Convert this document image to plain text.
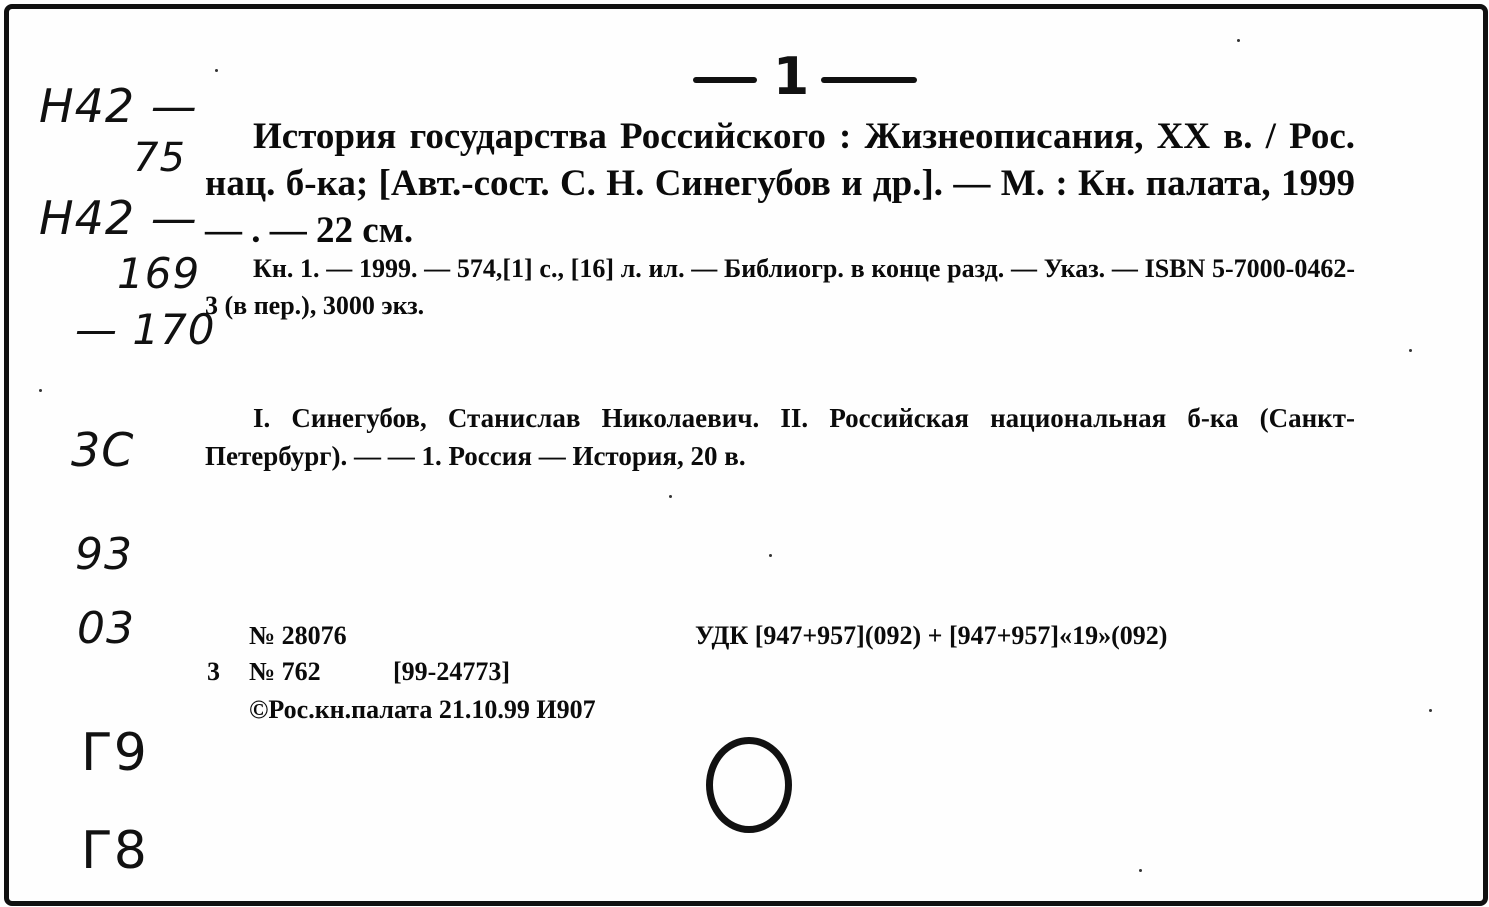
1
Н42 —
75
Н42 —
169
— 170
3С
93
03
Г9
Г8
История государства Российского : Жизнеописания, XX в. / Рос. нац. б-ка; [Авт.-сост. С. Н. Синегубов и др.]. — М. : Кн. палата, 1999 — . — 22 см.
Кн. 1. — 1999. — 574,[1] с., [16] л. ил. — Библиогр. в конце разд. — Указ. — ISBN 5-7000-0462-3 (в пер.), 3000 экз.
I. Синегубов, Станислав Николаевич. II. Российская национальная б-ка (Санкт-Петербург). — — 1. Россия — История, 20 в.
№ 28076	УДК [947+957](092) + [947+957]«19»(092)
3 № 762	[99-24773]
©Рос.кн.палата 21.10.99 И907
